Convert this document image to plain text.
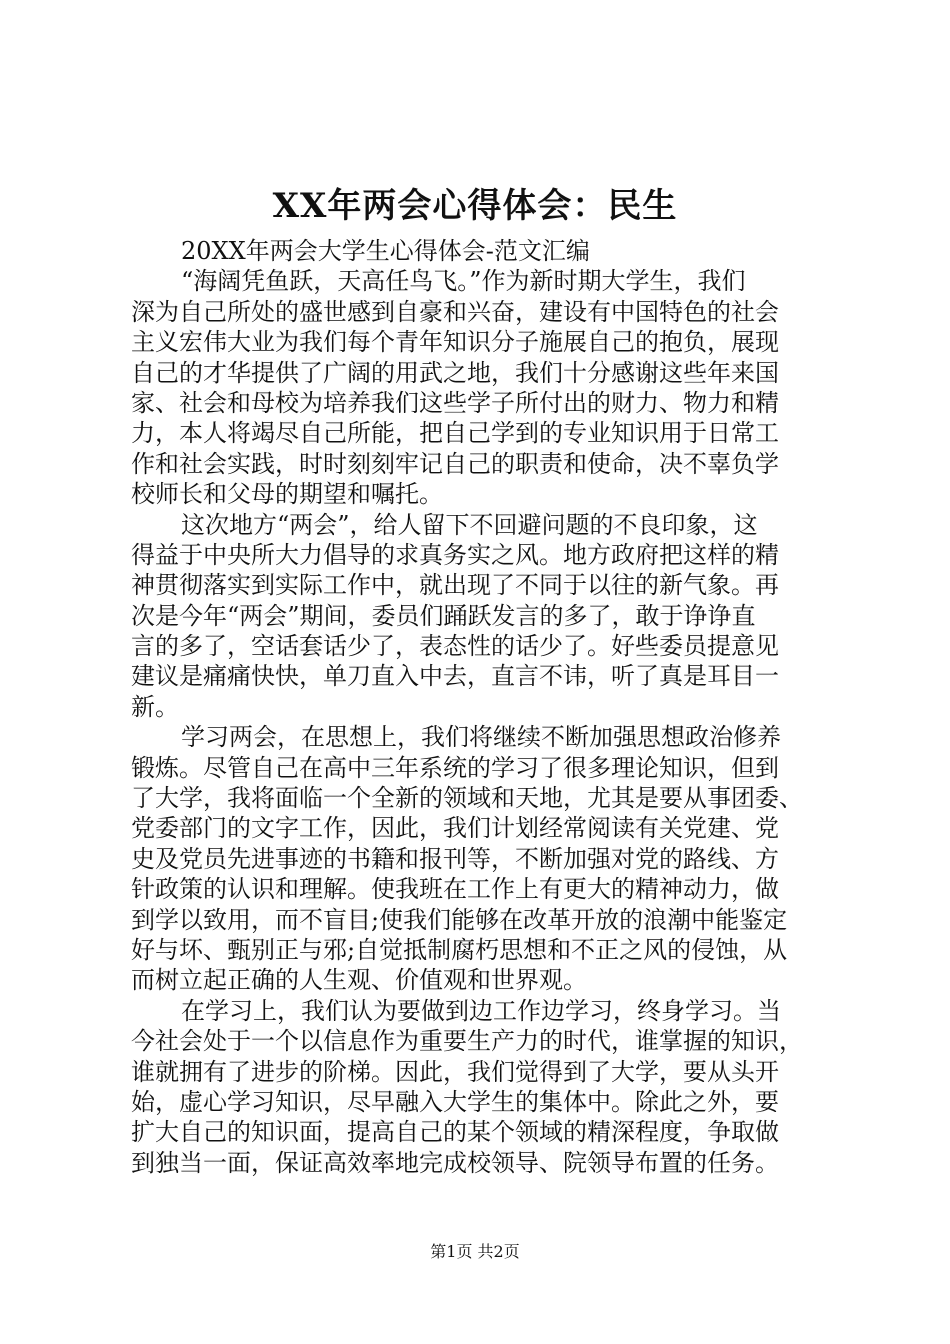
XX年两会心得体会：民生
20XX年两会大学生心得体会-范文汇编
“海阔凭鱼跃，天高任鸟飞。”作为新时期大学生，我们
深为自己所处的盛世感到自豪和兴奋，建设有中国特色的社会
主义宏伟大业为我们每个青年知识分子施展自己的抱负，展现
自己的才华提供了广阔的用武之地，我们十分感谢这些年来国
家、社会和母校为培养我们这些学子所付出的财力、物力和精
力，本人将竭尽自己所能，把自己学到的专业知识用于日常工
作和社会实践，时时刻刻牢记自己的职责和使命，决不辜负学
校师长和父母的期望和嘱托。
这次地方“两会”，给人留下不回避问题的不良印象，这
得益于中央所大力倡导的求真务实之风。地方政府把这样的精
神贯彻落实到实际工作中，就出现了不同于以往的新气象。再
次是今年“两会”期间，委员们踊跃发言的多了，敢于诤诤直
言的多了，空话套话少了，表态性的话少了。好些委员提意见
建议是痛痛快快，单刀直入中去，直言不讳，听了真是耳目一
新。
学习两会，在思想上，我们将继续不断加强思想政治修养
锻炼。尽管自己在高中三年系统的学习了很多理论知识，但到
了大学，我将面临一个全新的领域和天地，尤其是要从事团委、
党委部门的文字工作，因此，我们计划经常阅读有关党建、党
史及党员先进事迹的书籍和报刊等，不断加强对党的路线、方
针政策的认识和理解。使我班在工作上有更大的精神动力，做
到学以致用，而不盲目;使我们能够在改革开放的浪潮中能鉴定
好与坏、甄别正与邪;自觉抵制腐朽思想和不正之风的侵蚀，从
而树立起正确的人生观、价值观和世界观。
在学习上，我们认为要做到边工作边学习，终身学习。当
今社会处于一个以信息作为重要生产力的时代，谁掌握的知识，
谁就拥有了进步的阶梯。因此，我们觉得到了大学，要从头开
始，虚心学习知识，尽早融入大学生的集体中。除此之外，要
扩大自己的知识面，提高自己的某个领域的精深程度，争取做
到独当一面，保证高效率地完成校领导、院领导布置的任务。
第1页 共2页
